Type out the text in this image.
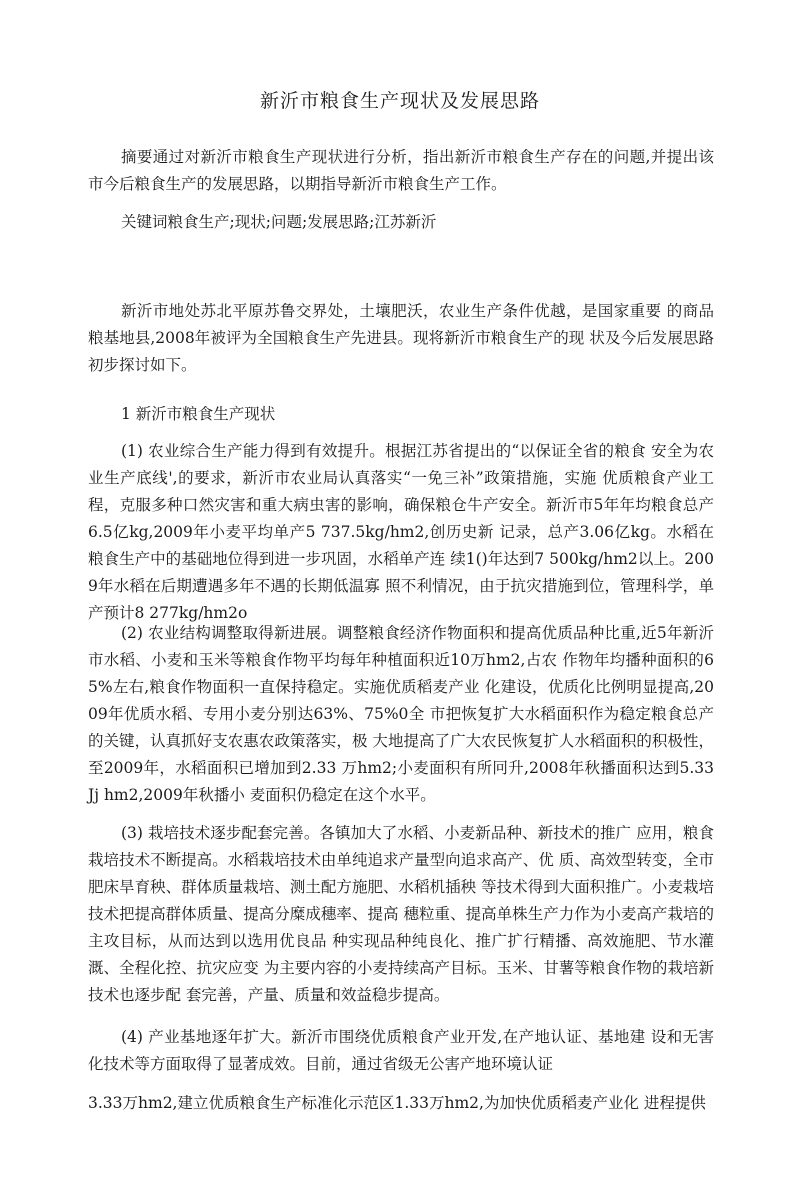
新沂市粮食生产现状及发展思路
摘要通过对新沂市粮食生产现状进行分析，指出新沂市粮食生产存在的问题,并提出该市今后粮食生产的发展思路，以期指导新沂市粮食生产工作。
关键词粮食生产;现状;问题;发展思路;江苏新沂
新沂市地处苏北平原苏鲁交界处，土壤肥沃，农业生产条件优越，是国家重要 的商品粮基地县,2008年被评为全国粮食生产先进县。现将新沂市粮食生产的现 状及今后发展思路初步探讨如下。
1 新沂市粮食生产现状
(1) 农业综合生产能力得到有效提升。根据江苏省提出的“以保证全省的粮食 安全为农业生产底线',的要求，新沂市农业局认真落实“一免三补”政策措施，实施 优质粮食产业工程，克服多种口然灾害和重大病虫害的影响，确保粮仓牛产安全。新沂市5年年均粮食总产6.5亿kg,2009年小麦平均单产5 737.5kg/hm2,创历史新 记录，总产3.06亿kg。水稻在粮食生产中的基础地位得到进一步巩固，水稻单产连 续1()年达到7 500kg/hm2以上。2009年水稻在后期遭遇多年不遇的长期低温寡 照不利情况，由于抗灾措施到位，管理科学，单产预计8 277kg/hm2o
(2) 农业结构调整取得新进展。调整粮食经济作物面积和提高优质品种比重,近5年新沂市水稻、小麦和玉米等粮食作物平均每年种植面积近10万hm2,占农 作物年均播种面积的65%左右,粮食作物面积一直保持稳定。实施优质稻麦产业 化建设，优质化比例明显提高,2009年优质水稻、专用小麦分别达63%、75%0全 市把恢复扩大水稻面积作为稳定粮食总产的关键，认真抓好支农惠农政策落实，极 大地提高了广大农民恢复扩人水稻面积的积极性，至2009年，水稻面积已增加到2.33 万hm2;小麦面积有所冋升,2008年秋播面积达到5.33 Jj hm2,2009年秋播小 麦面积仍稳定在这个水平。
(3) 栽培技术逐步配套完善。各镇加大了水稻、小麦新品种、新技术的推广 应用，粮食栽培技术不断提高。水稻栽培技术由单纯追求产量型向追求高产、优 质、高效型转变，全市肥床旱育秧、群体质量栽培、测土配方施肥、水稻机插秧 等技术得到大面积推广。小麦栽培技术把提高群体质量、提高分糜成穗率、提高 穗粒重、提高单株生产力作为小麦高产栽培的主攻目标，从而达到以选用优良品 种实现品种纯良化、推广扩行精播、高效施肥、节水灌溉、全程化控、抗灾应变 为主要内容的小麦持续高产目标。玉米、甘薯等粮食作物的栽培新技术也逐步配 套完善，产量、质量和效益稳步提高。
(4) 产业基地逐年扩大。新沂市围绕优质粮食产业开发,在产地认证、基地建 设和无害化技术等方面取得了显著成效。目前，通过省级无公害产地环境认证
3.33万hm2,建立优质粮食生产标准化示范区1.33万hm2,为加快优质稻麦产业化 进程提供
